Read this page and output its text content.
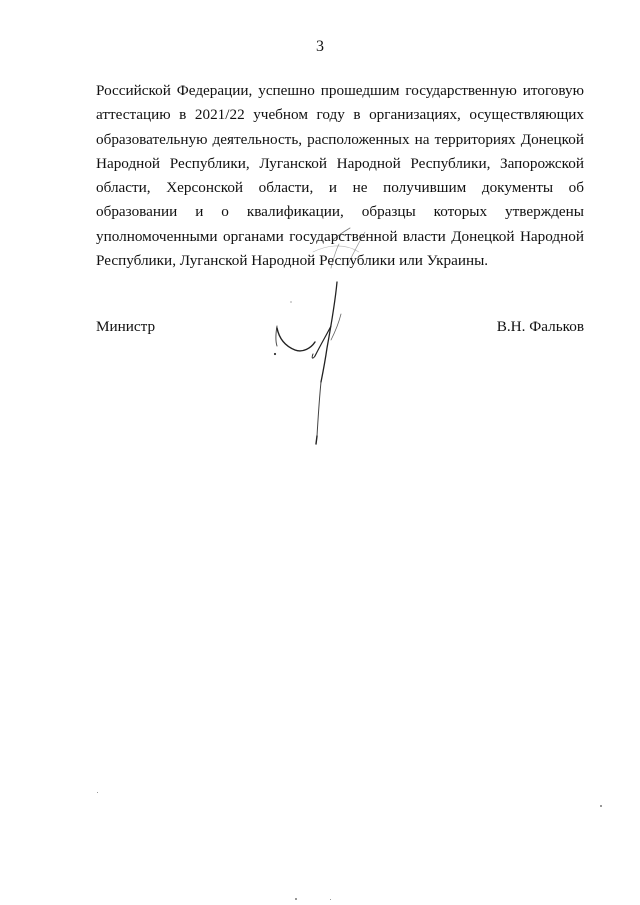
3

Российской Федерации, успешно прошедшим государственную итоговую аттестацию в 2021/22 учебном году в организациях, осуществляющих образовательную деятельность, расположенных на территориях Донецкой Народной Республики, Луганской Народной Республики, Запорожской области, Херсонской области, и не получившим документы об образовании и о квалификации, образцы которых утверждены уполномоченными органами государственной власти Донецкой Народной Республики, Луганской Народной Республики или Украины.

Министр	В.Н. Фальков
